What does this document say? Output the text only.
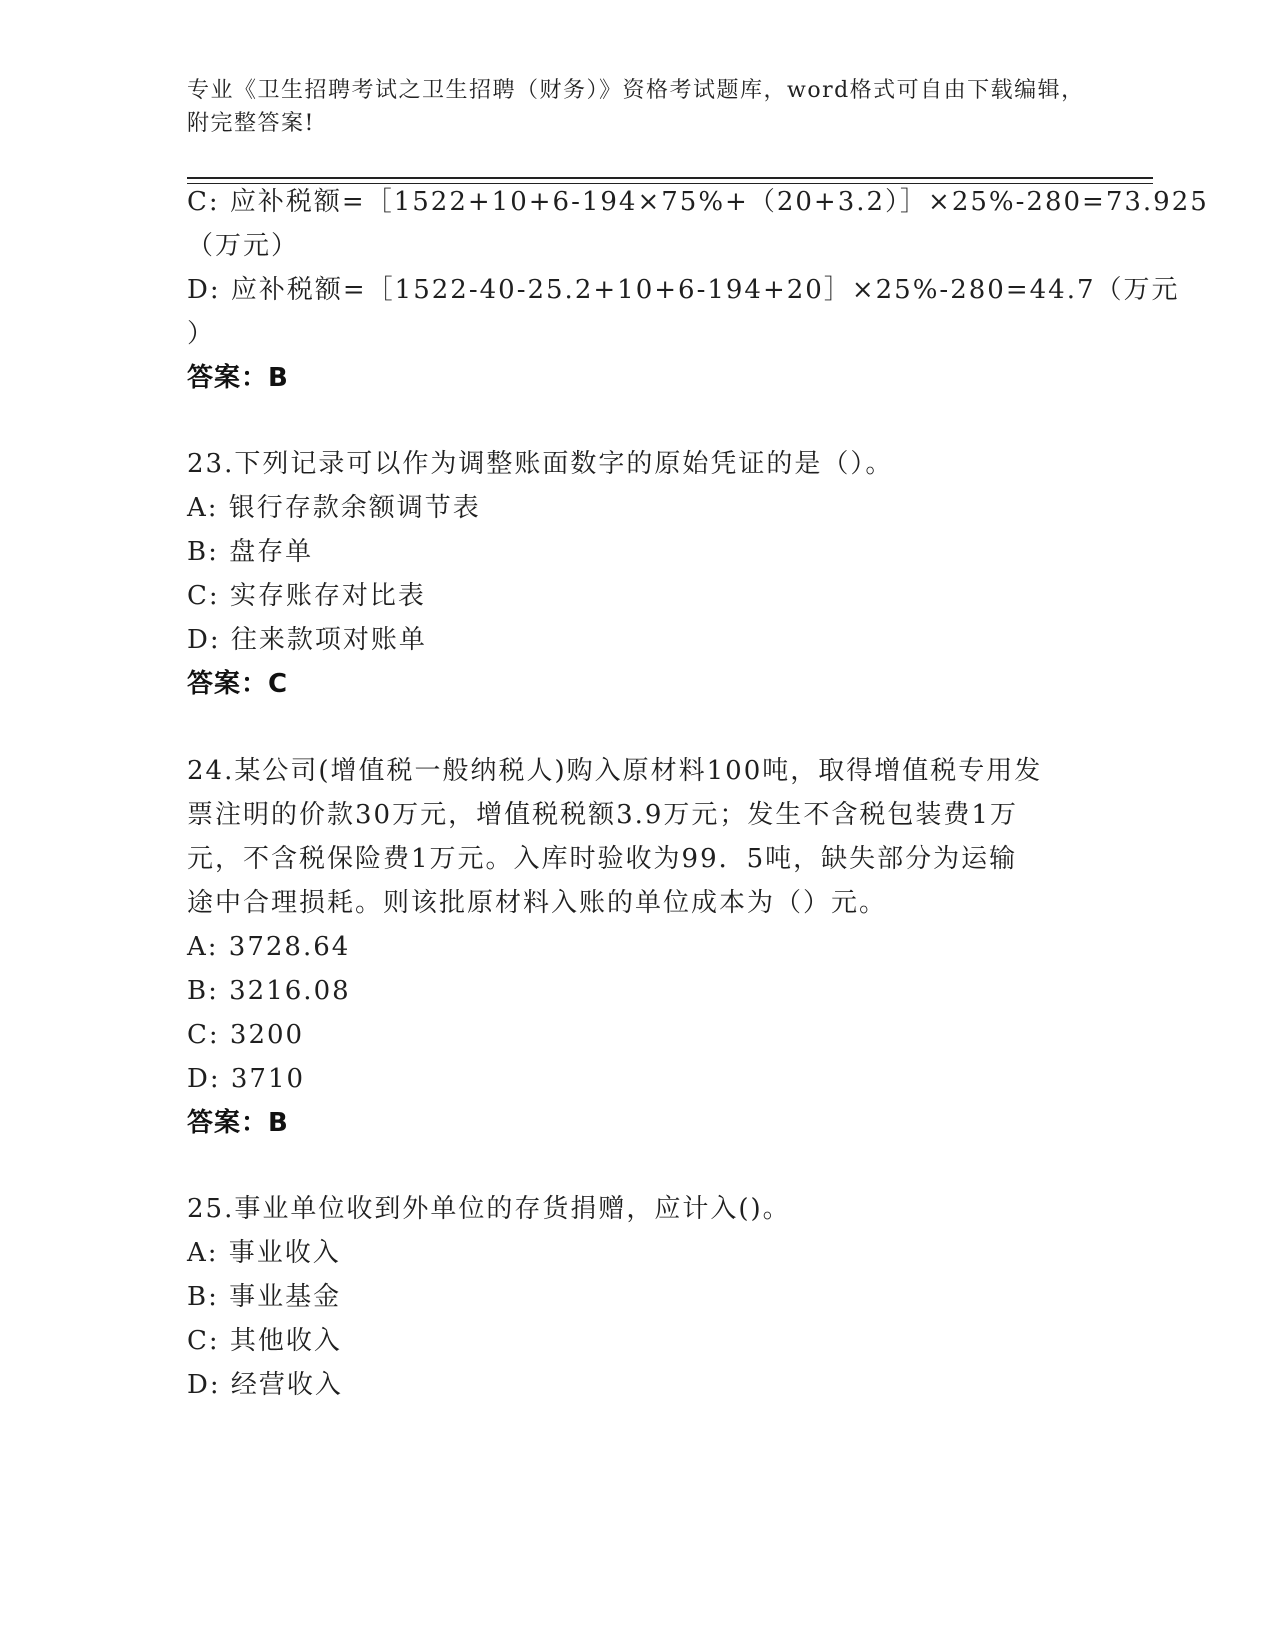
专业《卫生招聘考试之卫生招聘（财务）》资格考试题库，word格式可自由下载编辑，附完整答案!
C: 应补税额=［1522+10+6-194×75%+（20+3.2）］×25%-280=73.925
（万元）
D: 应补税额=［1522-40-25.2+10+6-194+20］×25%-280=44.7（万元
）
答案：B
23.下列记录可以作为调整账面数字的原始凭证的是（）。
A: 银行存款余额调节表
B: 盘存单
C: 实存账存对比表
D: 往来款项对账单
答案：C
24.某公司(增值税一般纳税人)购入原材料100吨，取得增值税专用发
票注明的价款30万元，增值税税额3.9万元；发生不含税包装费1万
元，不含税保险费1万元。入库时验收为99．5吨，缺失部分为运输
途中合理损耗。则该批原材料入账的单位成本为（）元。
A: 3728.64
B: 3216.08
C: 3200
D: 3710
答案：B
25.事业单位收到外单位的存货捐赠，应计入()。
A: 事业收入
B: 事业基金
C: 其他收入
D: 经营收入
